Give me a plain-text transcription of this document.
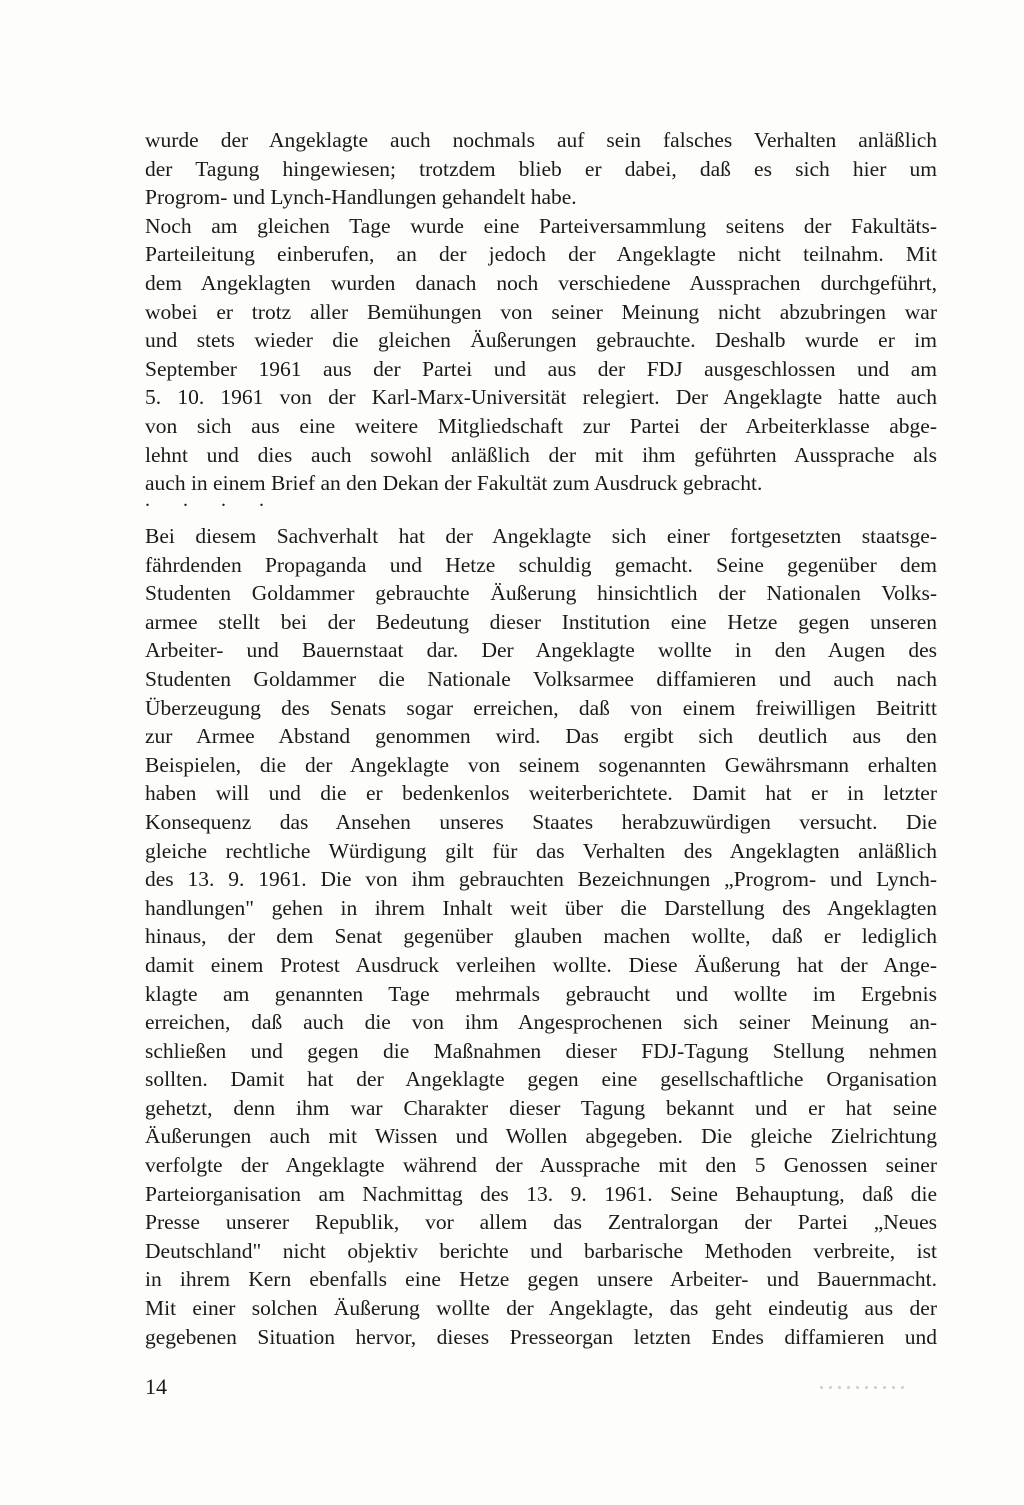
wurde der Angeklagte auch nochmals auf sein falsches Verhalten anläßlich
der Tagung hingewiesen; trotzdem blieb er dabei, daß es sich hier um
Progrom- und Lynch-Handlungen gehandelt habe.
Noch am gleichen Tage wurde eine Parteiversammlung seitens der Fakultäts-
Parteileitung einberufen, an der jedoch der Angeklagte nicht teilnahm. Mit
dem Angeklagten wurden danach noch verschiedene Aussprachen durchgeführt,
wobei er trotz aller Bemühungen von seiner Meinung nicht abzubringen war
und stets wieder die gleichen Äußerungen gebrauchte. Deshalb wurde er im
September 1961 aus der Partei und aus der FDJ ausgeschlossen und am
5. 10. 1961 von der Karl-Marx-Universität relegiert. Der Angeklagte hatte auch
von sich aus eine weitere Mitgliedschaft zur Partei der Arbeiterklasse abge-
lehnt und dies auch sowohl anläßlich der mit ihm geführten Aussprache als
auch in einem Brief an den Dekan der Fakultät zum Ausdruck gebracht.
. . . .
Bei diesem Sachverhalt hat der Angeklagte sich einer fortgesetzten staatsge-
fährdenden Propaganda und Hetze schuldig gemacht. Seine gegenüber dem
Studenten Goldammer gebrauchte Äußerung hinsichtlich der Nationalen Volks-
armee stellt bei der Bedeutung dieser Institution eine Hetze gegen unseren
Arbeiter- und Bauernstaat dar. Der Angeklagte wollte in den Augen des
Studenten Goldammer die Nationale Volksarmee diffamieren und auch nach
Überzeugung des Senats sogar erreichen, daß von einem freiwilligen Beitritt
zur Armee Abstand genommen wird. Das ergibt sich deutlich aus den
Beispielen, die der Angeklagte von seinem sogenannten Gewährsmann erhalten
haben will und die er bedenkenlos weiterberichtete. Damit hat er in letzter
Konsequenz das Ansehen unseres Staates herabzuwürdigen versucht. Die
gleiche rechtliche Würdigung gilt für das Verhalten des Angeklagten anläßlich
des 13. 9. 1961. Die von ihm gebrauchten Bezeichnungen „Progrom- und Lynch-
handlungen" gehen in ihrem Inhalt weit über die Darstellung des Angeklagten
hinaus, der dem Senat gegenüber glauben machen wollte, daß er lediglich
damit einem Protest Ausdruck verleihen wollte. Diese Äußerung hat der Ange-
klagte am genannten Tage mehrmals gebraucht und wollte im Ergebnis
erreichen, daß auch die von ihm Angesprochenen sich seiner Meinung an-
schließen und gegen die Maßnahmen dieser FDJ-Tagung Stellung nehmen
sollten. Damit hat der Angeklagte gegen eine gesellschaftliche Organisation
gehetzt, denn ihm war Charakter dieser Tagung bekannt und er hat seine
Äußerungen auch mit Wissen und Wollen abgegeben. Die gleiche Zielrichtung
verfolgte der Angeklagte während der Aussprache mit den 5 Genossen seiner
Parteiorganisation am Nachmittag des 13. 9. 1961. Seine Behauptung, daß die
Presse unserer Republik, vor allem das Zentralorgan der Partei „Neues
Deutschland" nicht objektiv berichte und barbarische Methoden verbreite, ist
in ihrem Kern ebenfalls eine Hetze gegen unsere Arbeiter- und Bauernmacht.
Mit einer solchen Äußerung wollte der Angeklagte, das geht eindeutig aus der
gegebenen Situation hervor, dieses Presseorgan letzten Endes diffamieren und
14
